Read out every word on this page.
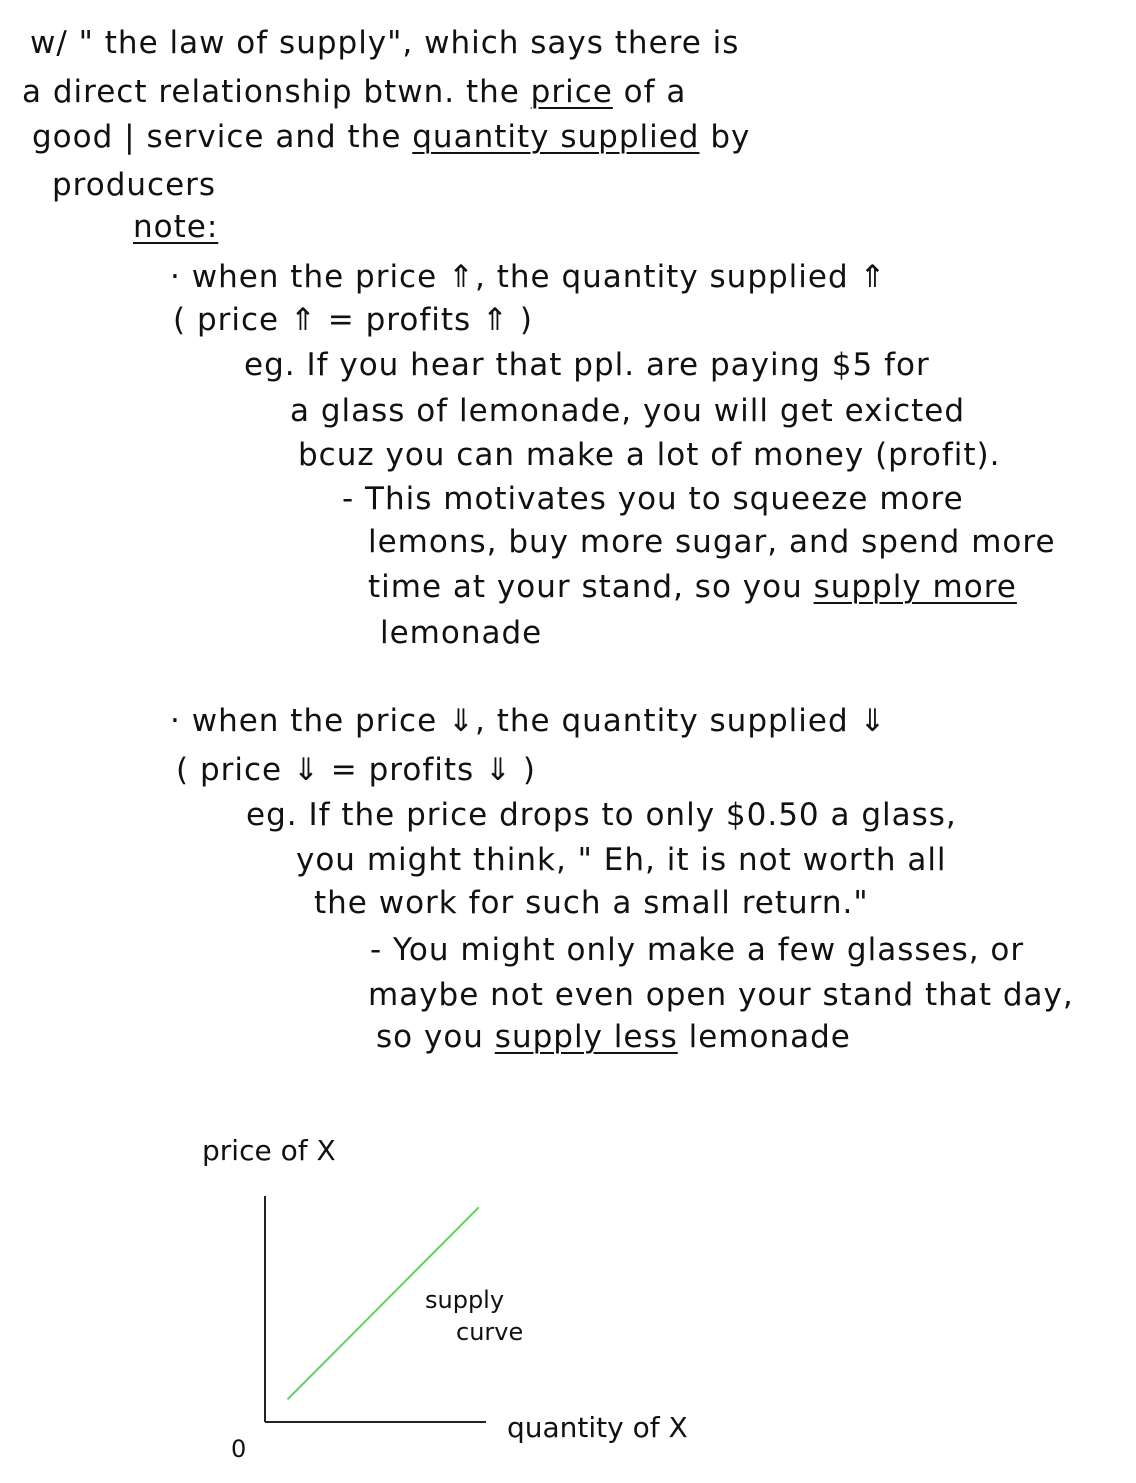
w/ " the law of supply", which says there is
a direct relationship btwn. the price of a
good | service and the quantity supplied by
producers
note:
· when the price ⇑, the quantity supplied ⇑
( price ⇑ = profits ⇑ )
eg. If you hear that ppl. are paying $5 for
a glass of lemonade, you will get exicted
bcuz you can make a lot of money (profit).
- This motivates you to squeeze more
lemons, buy more sugar, and spend more
time at your stand, so you supply more
lemonade
· when the price ⇓, the quantity supplied ⇓
( price ⇓ = profits ⇓ )
eg. If the price drops to only $0.50 a glass,
you might think, " Eh, it is not worth all
the work for such a small return."
- You might only make a few glasses, or
maybe not even open your stand that day,
so you supply less lemonade
price of X
supply
curve
quantity of X
0
